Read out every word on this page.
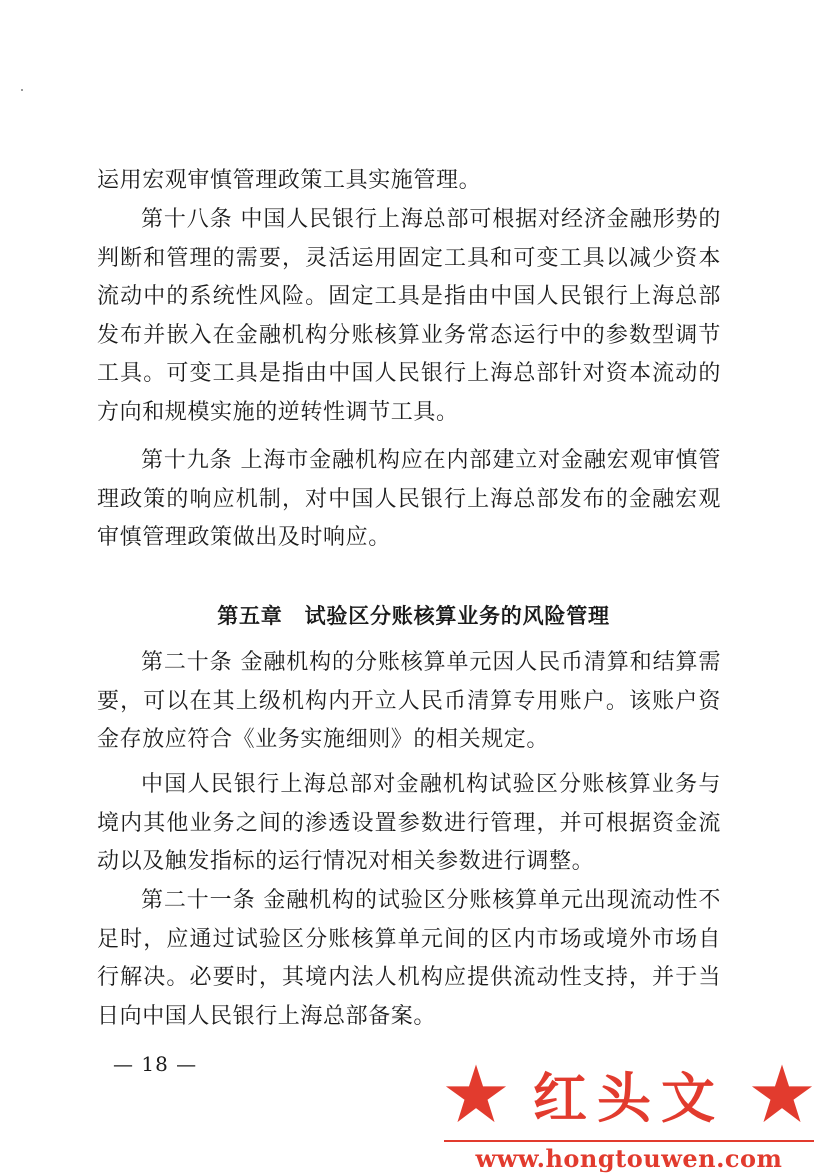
运用宏观审慎管理政策工具实施管理。

第十八条 中国人民银行上海总部可根据对经济金融形势的判断和管理的需要，灵活运用固定工具和可变工具以减少资本流动中的系统性风险。固定工具是指由中国人民银行上海总部发布并嵌入在金融机构分账核算业务常态运行中的参数型调节工具。可变工具是指由中国人民银行上海总部针对资本流动的方向和规模实施的逆转性调节工具。

第十九条 上海市金融机构应在内部建立对金融宏观审慎管理政策的响应机制，对中国人民银行上海总部发布的金融宏观审慎管理政策做出及时响应。

第五章 试验区分账核算业务的风险管理

第二十条 金融机构的分账核算单元因人民币清算和结算需要，可以在其上级机构内开立人民币清算专用账户。该账户资金存放应符合《业务实施细则》的相关规定。

中国人民银行上海总部对金融机构试验区分账核算业务与境内其他业务之间的渗透设置参数进行管理，并可根据资金流动以及触发指标的运行情况对相关参数进行调整。

第二十一条 金融机构的试验区分账核算单元出现流动性不足时，应通过试验区分账核算单元间的区内市场或境外市场自行解决。必要时，其境内法人机构应提供流动性支持，并于当日向中国人民银行上海总部备案。

— 18 —
红头文
www.hongtouwen.com
